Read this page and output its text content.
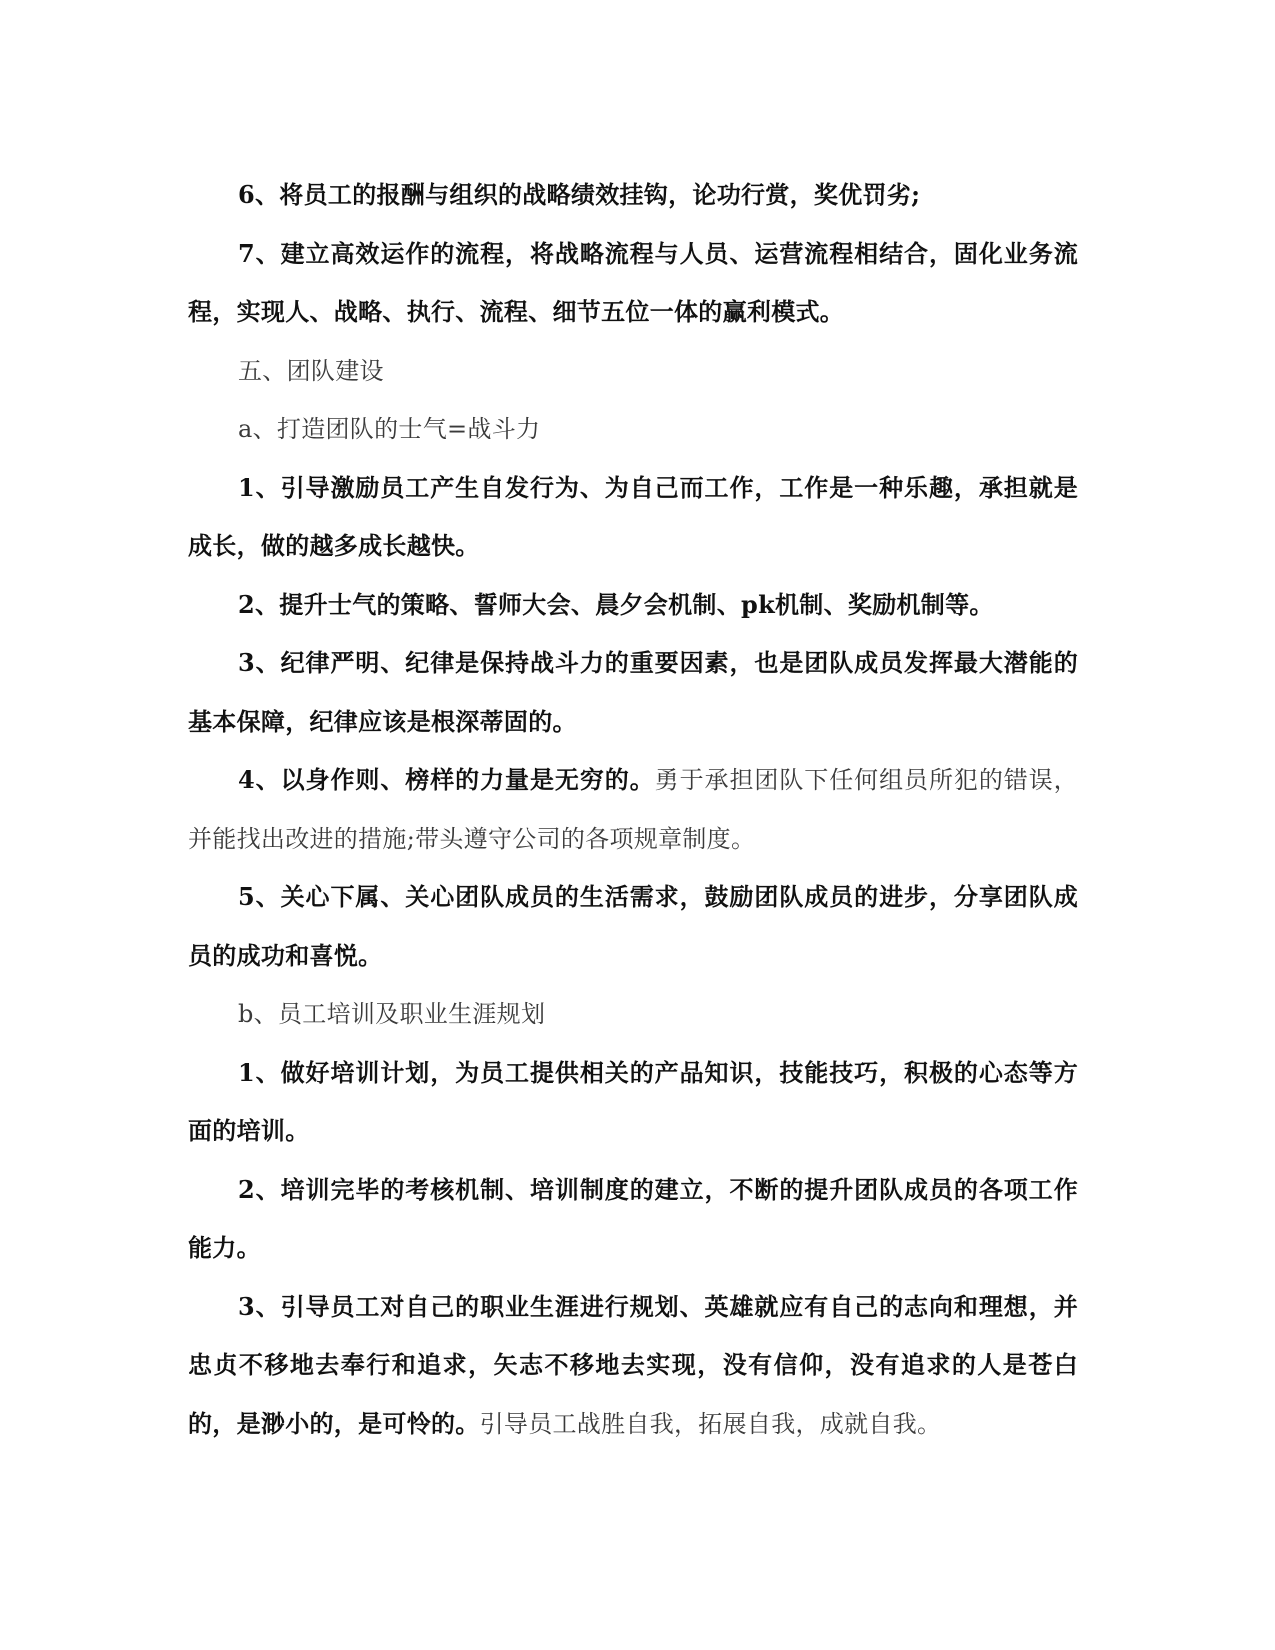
6、将员工的报酬与组织的战略绩效挂钩，论功行赏，奖优罚劣;

7、建立高效运作的流程，将战略流程与人员、运营流程相结合，固化业务流程，实现人、战略、执行、流程、细节五位一体的赢利模式。

五、团队建设

a、打造团队的士气=战斗力

1、引导激励员工产生自发行为、为自己而工作，工作是一种乐趣，承担就是成长，做的越多成长越快。

2、提升士气的策略、誓师大会、晨夕会机制、pk机制、奖励机制等。

3、纪律严明、纪律是保持战斗力的重要因素，也是团队成员发挥最大潜能的基本保障，纪律应该是根深蒂固的。

4、以身作则、榜样的力量是无穷的。勇于承担团队下任何组员所犯的错误，并能找出改进的措施;带头遵守公司的各项规章制度。

5、关心下属、关心团队成员的生活需求，鼓励团队成员的进步，分享团队成员的成功和喜悦。

b、员工培训及职业生涯规划

1、做好培训计划，为员工提供相关的产品知识，技能技巧，积极的心态等方面的培训。

2、培训完毕的考核机制、培训制度的建立，不断的提升团队成员的各项工作能力。

3、引导员工对自己的职业生涯进行规划、英雄就应有自己的志向和理想，并忠贞不移地去奉行和追求，矢志不移地去实现，没有信仰，没有追求的人是苍白的，是渺小的，是可怜的。引导员工战胜自我，拓展自我，成就自我。
